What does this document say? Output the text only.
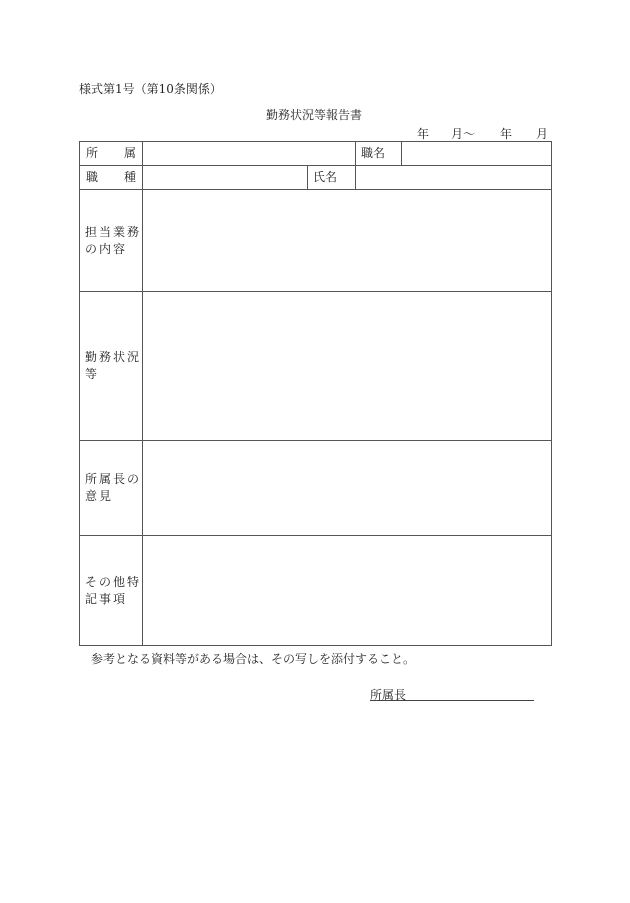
様式第1号（第10条関係）
勤務状況等報告書
年 月〜 年 月
所 属	職名
職 種	氏名
担当業務の内容
勤務状況等
所属長の意見
その他特記事項
参考となる資料等がある場合は、その写しを添付すること。
所属長
